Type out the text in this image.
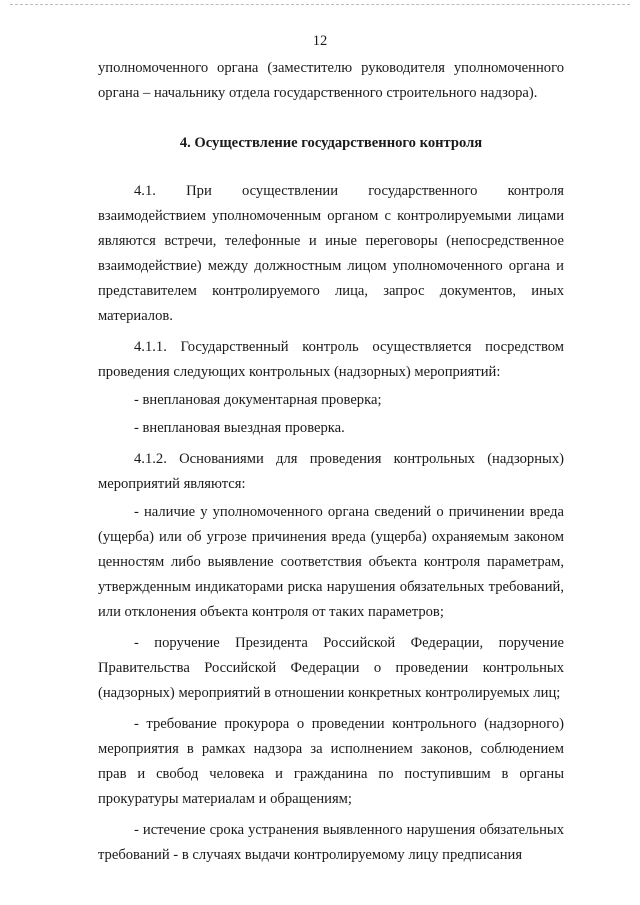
12

уполномоченного органа (заместителю руководителя уполномоченного органа – начальнику отдела государственного строительного надзора).

4. Осуществление государственного контроля

4.1. При осуществлении государственного контроля взаимодействием уполномоченным органом с контролируемыми лицами являются встречи, телефонные и иные переговоры (непосредственное взаимодействие) между должностным лицом уполномоченного органа и представителем контролируемого лица, запрос документов, иных материалов.

4.1.1. Государственный контроль осуществляется посредством проведения следующих контрольных (надзорных) мероприятий:

- внеплановая документарная проверка;

- внеплановая выездная проверка.

4.1.2. Основаниями для проведения контрольных (надзорных) мероприятий являются:

- наличие у уполномоченного органа сведений о причинении вреда (ущерба) или об угрозе причинения вреда (ущерба) охраняемым законом ценностям либо выявление соответствия объекта контроля параметрам, утвержденным индикаторами риска нарушения обязательных требований, или отклонения объекта контроля от таких параметров;

- поручение Президента Российской Федерации, поручение Правительства Российской Федерации о проведении контрольных (надзорных) мероприятий в отношении конкретных контролируемых лиц;

- требование прокурора о проведении контрольного (надзорного) мероприятия в рамках надзора за исполнением законов, соблюдением прав и свобод человека и гражданина по поступившим в органы прокуратуры материалам и обращениям;

- истечение срока устранения выявленного нарушения обязательных требований - в случаях выдачи контролируемому лицу предписания
